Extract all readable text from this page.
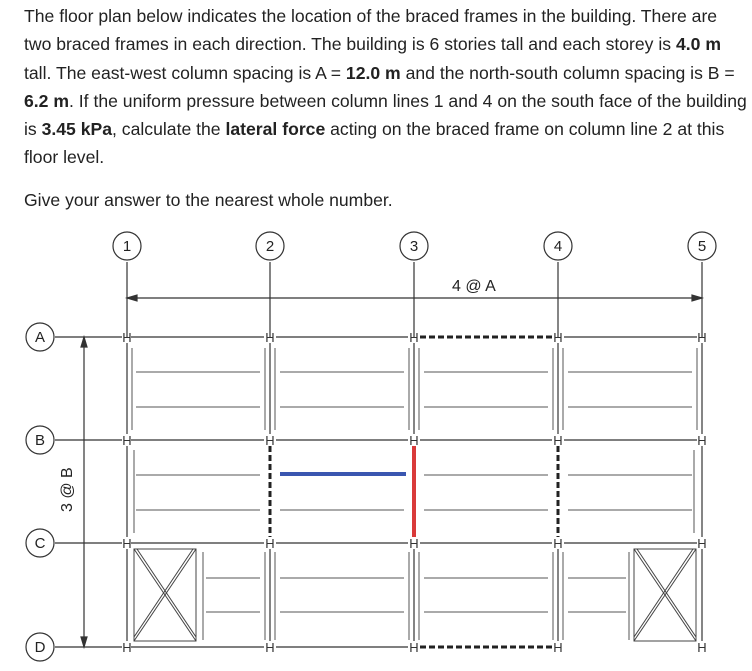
The floor plan below indicates the location of the braced frames in the building. There are two braced frames in each direction. The building is 6 stories tall and each storey is 4.0 m tall. The east-west column spacing is A = 12.0 m and the north-south column spacing is B = 6.2 m. If the uniform pressure between column lines 1 and 4 on the south face of the building is 3.45 kPa, calculate the lateral force acting on the braced frame on column line 2 at this floor level.
Give your answer to the nearest whole number.
1	2	3	4	5
A
B
C
D
4 @ A
3 @ B
H	H	H	H	H
H	H	H	H	H
H	H	H	H	H
H	H	H	H	H
